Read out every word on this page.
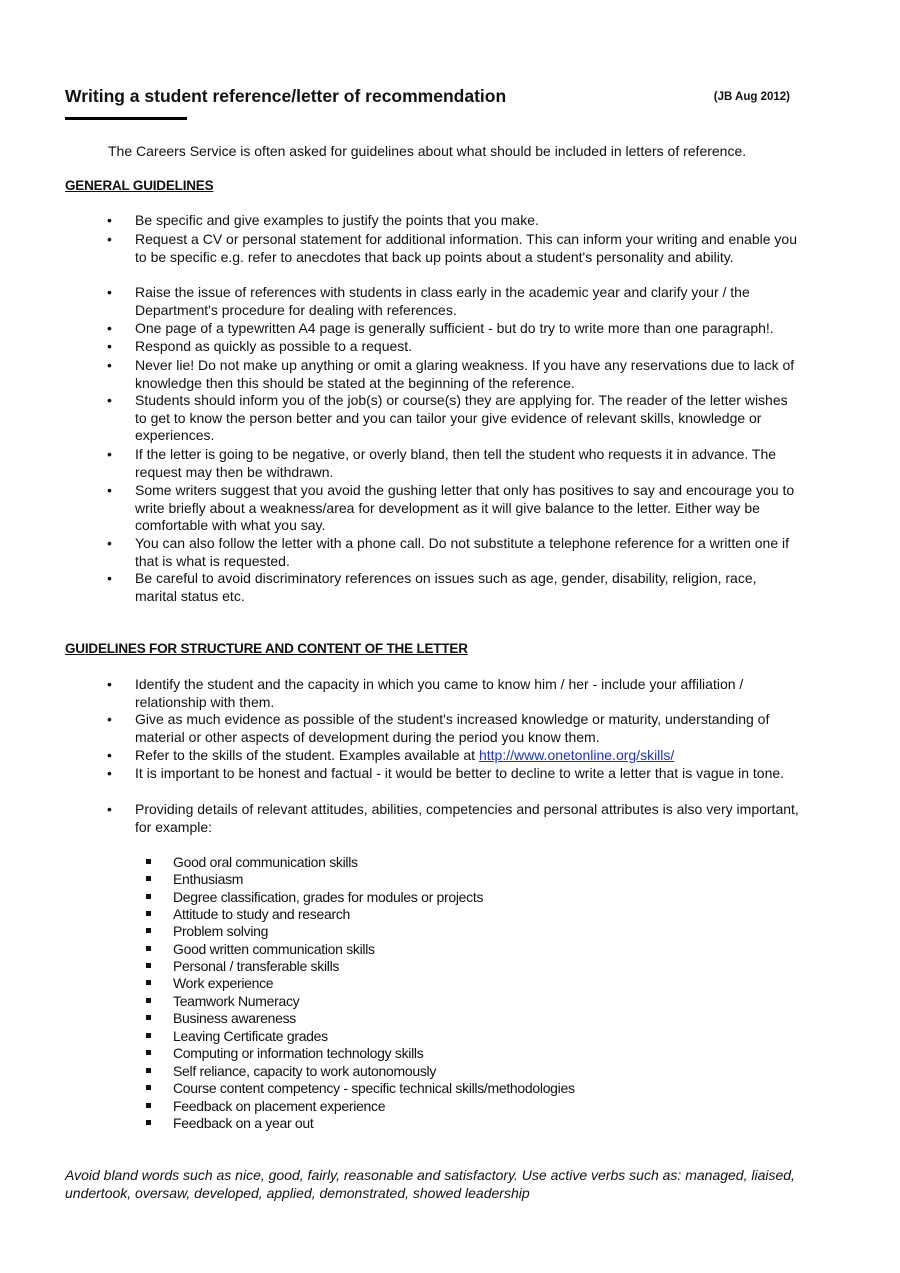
Writing a student reference/letter of recommendation	(JB Aug 2012)
The Careers Service is often asked for guidelines about what should be included in letters of reference.
GENERAL GUIDELINES
• Be specific and give examples to justify the points that you make.
• Request a CV or personal statement for additional information. This can inform your writing and enable you to be specific e.g. refer to anecdotes that back up points about a student's personality and ability.
• Raise the issue of references with students in class early in the academic year and clarify your / the Department's procedure for dealing with references.
• One page of a typewritten A4 page is generally sufficient - but do try to write more than one paragraph!.
• Respond as quickly as possible to a request.
• Never lie! Do not make up anything or omit a glaring weakness. If you have any reservations due to lack of knowledge then this should be stated at the beginning of the reference.
• Students should inform you of the job(s) or course(s) they are applying for. The reader of the letter wishes to get to know the person better and you can tailor your give evidence of relevant skills, knowledge or experiences.
• If the letter is going to be negative, or overly bland, then tell the student who requests it in advance. The request may then be withdrawn.
• Some writers suggest that you avoid the gushing letter that only has positives to say and encourage you to write briefly about a weakness/area for development as it will give balance to the letter. Either way be comfortable with what you say.
• You can also follow the letter with a phone call. Do not substitute a telephone reference for a written one if that is what is requested.
• Be careful to avoid discriminatory references on issues such as age, gender, disability, religion, race, marital status etc.
GUIDELINES FOR STRUCTURE AND CONTENT OF THE LETTER
• Identify the student and the capacity in which you came to know him / her - include your affiliation / relationship with them.
• Give as much evidence as possible of the student's increased knowledge or maturity, understanding of material or other aspects of development during the period you know them.
• Refer to the skills of the student. Examples available at http://www.onetonline.org/skills/
• It is important to be honest and factual - it would be better to decline to write a letter that is vague in tone.
• Providing details of relevant attitudes, abilities, competencies and personal attributes is also very important, for example:
Good oral communication skills
Enthusiasm
Degree classification, grades for modules or projects
Attitude to study and research
Problem solving
Good written communication skills
Personal / transferable skills
Work experience
Teamwork Numeracy
Business awareness
Leaving Certificate grades
Computing or information technology skills
Self reliance, capacity to work autonomously
Course content competency - specific technical skills/methodologies
Feedback on placement experience
Feedback on a year out
Avoid bland words such as nice, good, fairly, reasonable and satisfactory. Use active verbs such as: managed, liaised, undertook, oversaw, developed, applied, demonstrated, showed leadership
